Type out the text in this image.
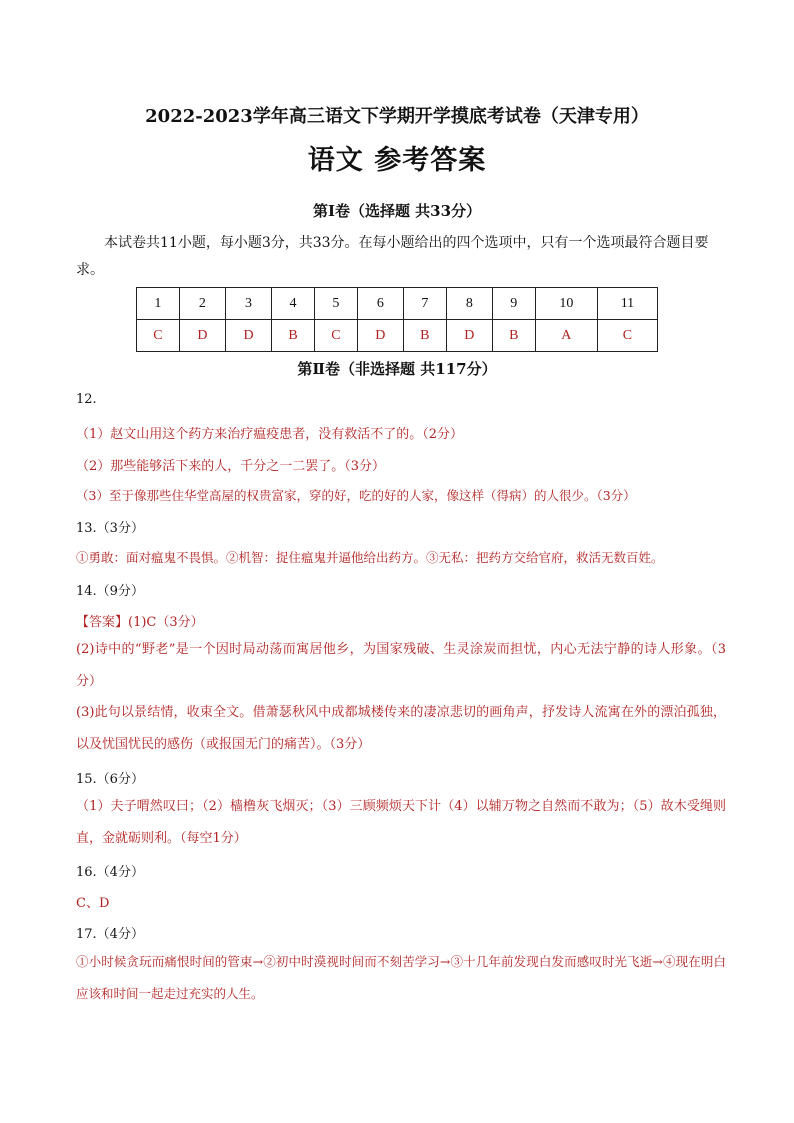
2022-2023学年高三语文下学期开学摸底考试卷（天津专用）
语文 参考答案
第Ⅰ卷（选择题 共33分）
本试卷共11小题，每小题3分，共33分。在每小题给出的四个选项中，只有一个选项最符合题目要求。
1	2	3	4	5	6	7	8	9	10	11
C	D	D	B	C	D	B	D	B	A	C
第Ⅱ卷（非选择题 共117分）
12.
（1）赵文山用这个药方来治疗瘟疫患者，没有救活不了的。（2分）
（2）那些能够活下来的人，千分之一二罢了。（3分）
（3）至于像那些住华堂高屋的权贵富家，穿的好，吃的好的人家，像这样（得病）的人很少。（3分）
13.（3分）
①勇敢：面对瘟鬼不畏惧。②机智：捉住瘟鬼并逼他给出药方。③无私：把药方交给官府，救活无数百姓。
14.（9分）
【答案】(1)C（3分）
(2)诗中的“野老”是一个因时局动荡而寓居他乡，为国家残破、生灵涂炭而担忧，内心无法宁静的诗人形象。（3分）
(3)此句以景结情，收束全文。借萧瑟秋风中成都城楼传来的凄凉悲切的画角声，抒发诗人流寓在外的漂泊孤独，以及忧国忧民的感伤（或报国无门的痛苦）。（3分）
15.（6分）
（1）夫子喟然叹曰；（2）樯橹灰飞烟灭；（3）三顾频烦天下计（4）以辅万物之自然而不敢为；（5）故木受绳则直，金就砺则利。（每空1分）
16.（4分）
C、D
17.（4分）
①小时候贪玩而痛恨时间的管束→②初中时漠视时间而不刻苦学习→③十几年前发现白发而感叹时光飞逝→④现在明白应该和时间一起走过充实的人生。
